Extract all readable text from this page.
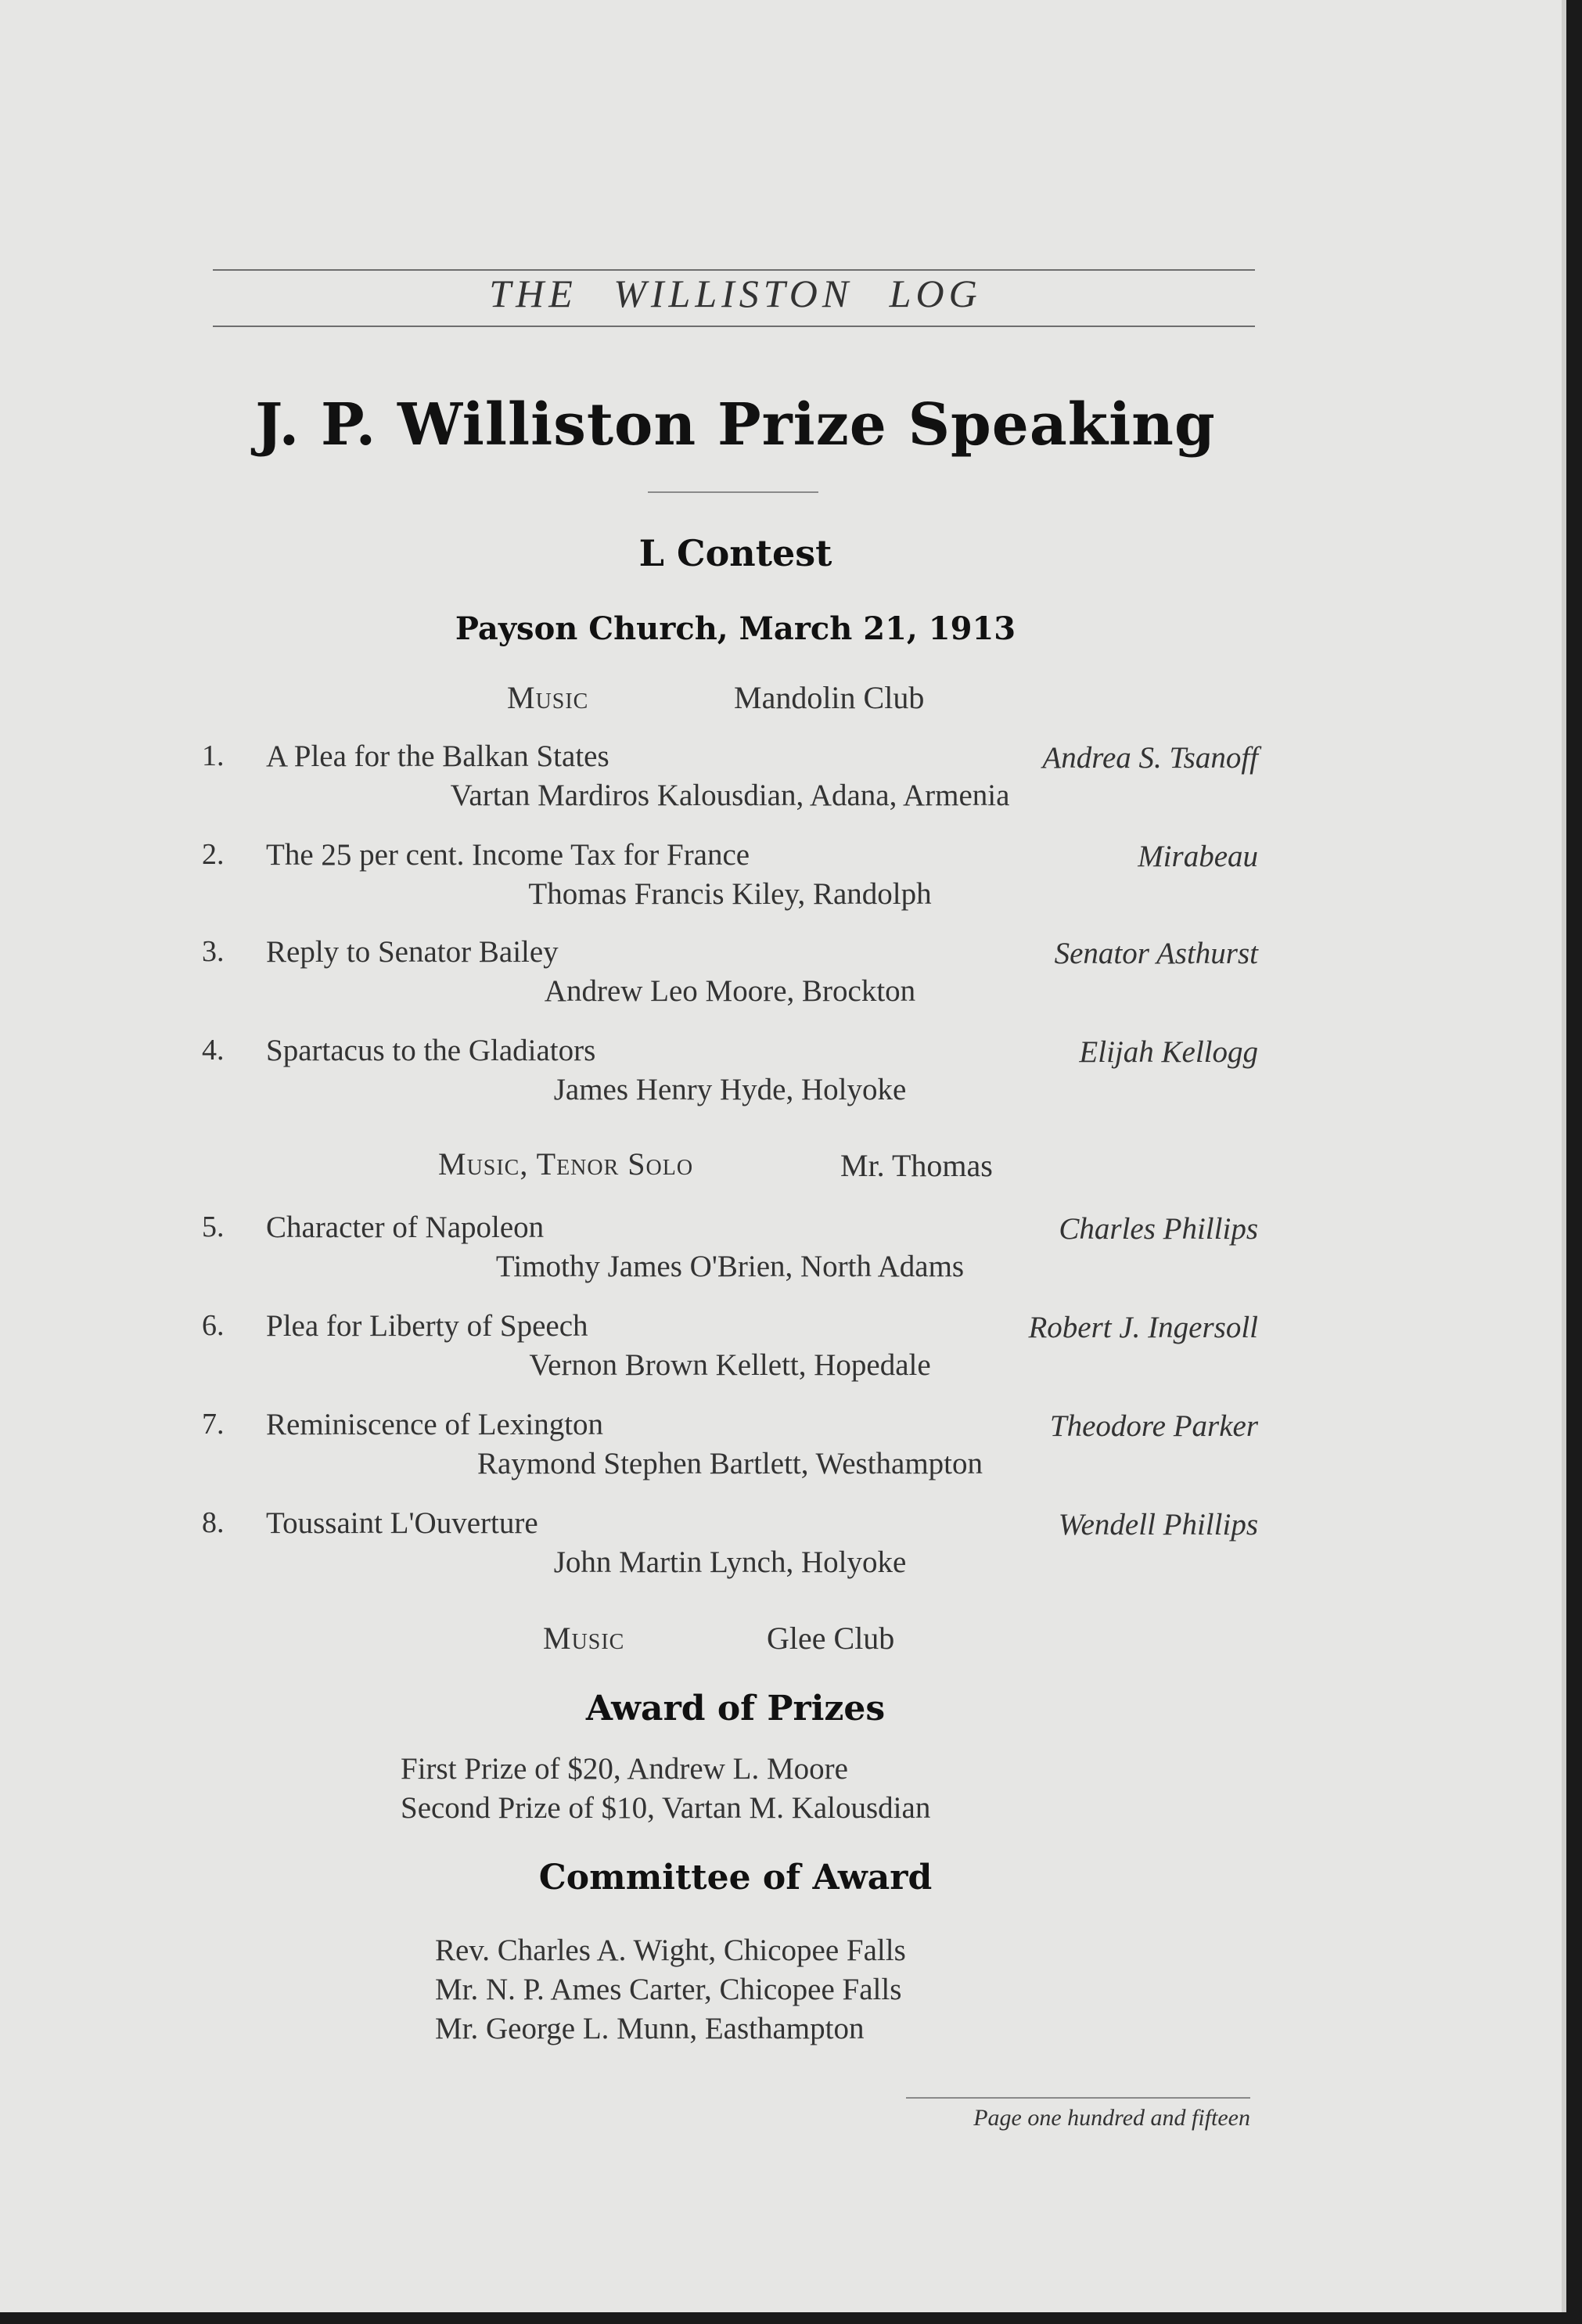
THE WILLISTON LOG
J. P. Williston Prize Speaking
L Contest
Payson Church, March 21, 1913
Music	Mandolin Club
1. A Plea for the Balkan States	Andrea S. Tsanoff
Vartan Mardiros Kalousdian, Adana, Armenia
2. The 25 per cent. Income Tax for France	Mirabeau
Thomas Francis Kiley, Randolph
3. Reply to Senator Bailey	Senator Asthurst
Andrew Leo Moore, Brockton
4. Spartacus to the Gladiators	Elijah Kellogg
James Henry Hyde, Holyoke
Music, Tenor Solo	Mr. Thomas
5. Character of Napoleon	Charles Phillips
Timothy James O'Brien, North Adams
6. Plea for Liberty of Speech	Robert J. Ingersoll
Vernon Brown Kellett, Hopedale
7. Reminiscence of Lexington	Theodore Parker
Raymond Stephen Bartlett, Westhampton
8. Toussaint L'Ouverture	Wendell Phillips
John Martin Lynch, Holyoke
Music	Glee Club
Award of Prizes
First Prize of $20, Andrew L. Moore
Second Prize of $10, Vartan M. Kalousdian
Committee of Award
Rev. Charles A. Wight, Chicopee Falls
Mr. N. P. Ames Carter, Chicopee Falls
Mr. George L. Munn, Easthampton
Page one hundred and fifteen
